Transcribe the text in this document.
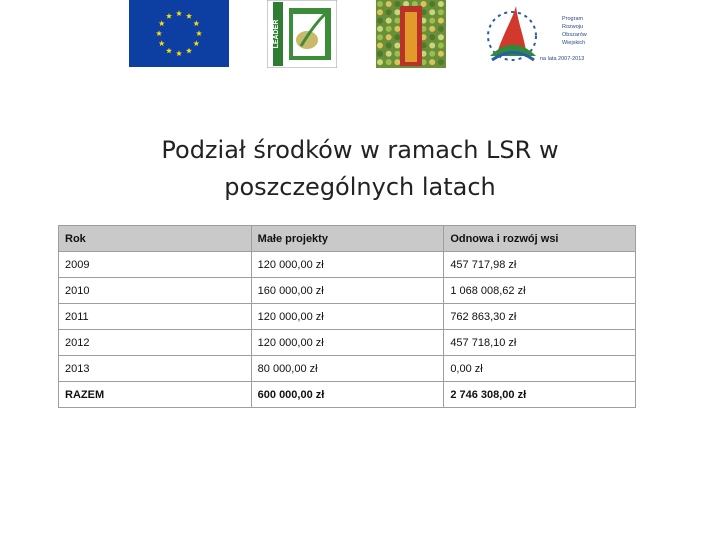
LEADER
Program
Rozwoju
Obszarów
Wiejskich
na lata 2007-2013
Podział środków w ramach LSR w
poszczególnych latach
Rok	Małe projekty	Odnowa i rozwój wsi
2009	120 000,00 zł	457 717,98 zł
2010	160 000,00 zł	1 068 008,62 zł
2011	120 000,00 zł	762 863,30 zł
2012	120 000,00 zł	457 718,10 zł
2013	80 000,00 zł	0,00 zł
RAZEM	600 000,00 zł	2 746 308,00 zł
